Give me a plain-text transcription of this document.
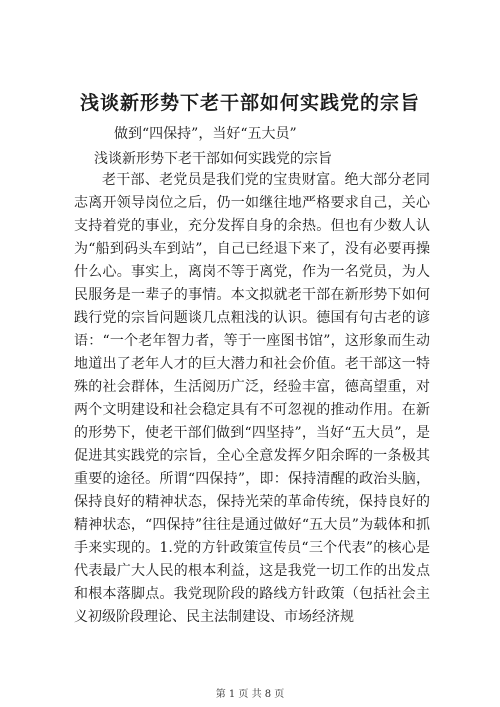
浅谈新形势下老干部如何实践党的宗旨
做到“四保持”，当好“五大员”
浅谈新形势下老干部如何实践党的宗旨

老干部、老党员是我们党的宝贵财富。绝大部分老同志离开领导岗位之后，仍一如继往地严格要求自己，关心支持着党的事业，充分发挥自身的余热。但也有少数人认为“船到码头车到站”，自己已经退下来了，没有必要再操什么心。事实上，离岗不等于离党，作为一名党员，为人民服务是一辈子的事情。本文拟就老干部在新形势下如何践行党的宗旨问题谈几点粗浅的认识。德国有句古老的谚语：“一个老年智力者，等于一座图书馆”，这形象而生动地道出了老年人才的巨大潜力和社会价值。老干部这一特殊的社会群体，生活阅历广泛，经验丰富，德高望重，对两个文明建设和社会稳定具有不可忽视的推动作用。在新的形势下，使老干部们做到“四坚持”，当好“五大员”，是促进其实践党的宗旨，全心全意发挥夕阳余晖的一条极其重要的途径。所谓“四保持”，即：保持清醒的政治头脑，保持良好的精神状态，保持光荣的革命传统，保持良好的精神状态，“四保持”往往是通过做好“五大员”为载体和抓手来实现的。1.党的方针政策宣传员“三个代表”的核心是代表最广大人民的根本利益，这是我党一切工作的出发点和根本落脚点。我党现阶段的路线方针政策（包括社会主义初级阶段理论、民主法制建设、市场经济规

第 1 页 共 8 页
